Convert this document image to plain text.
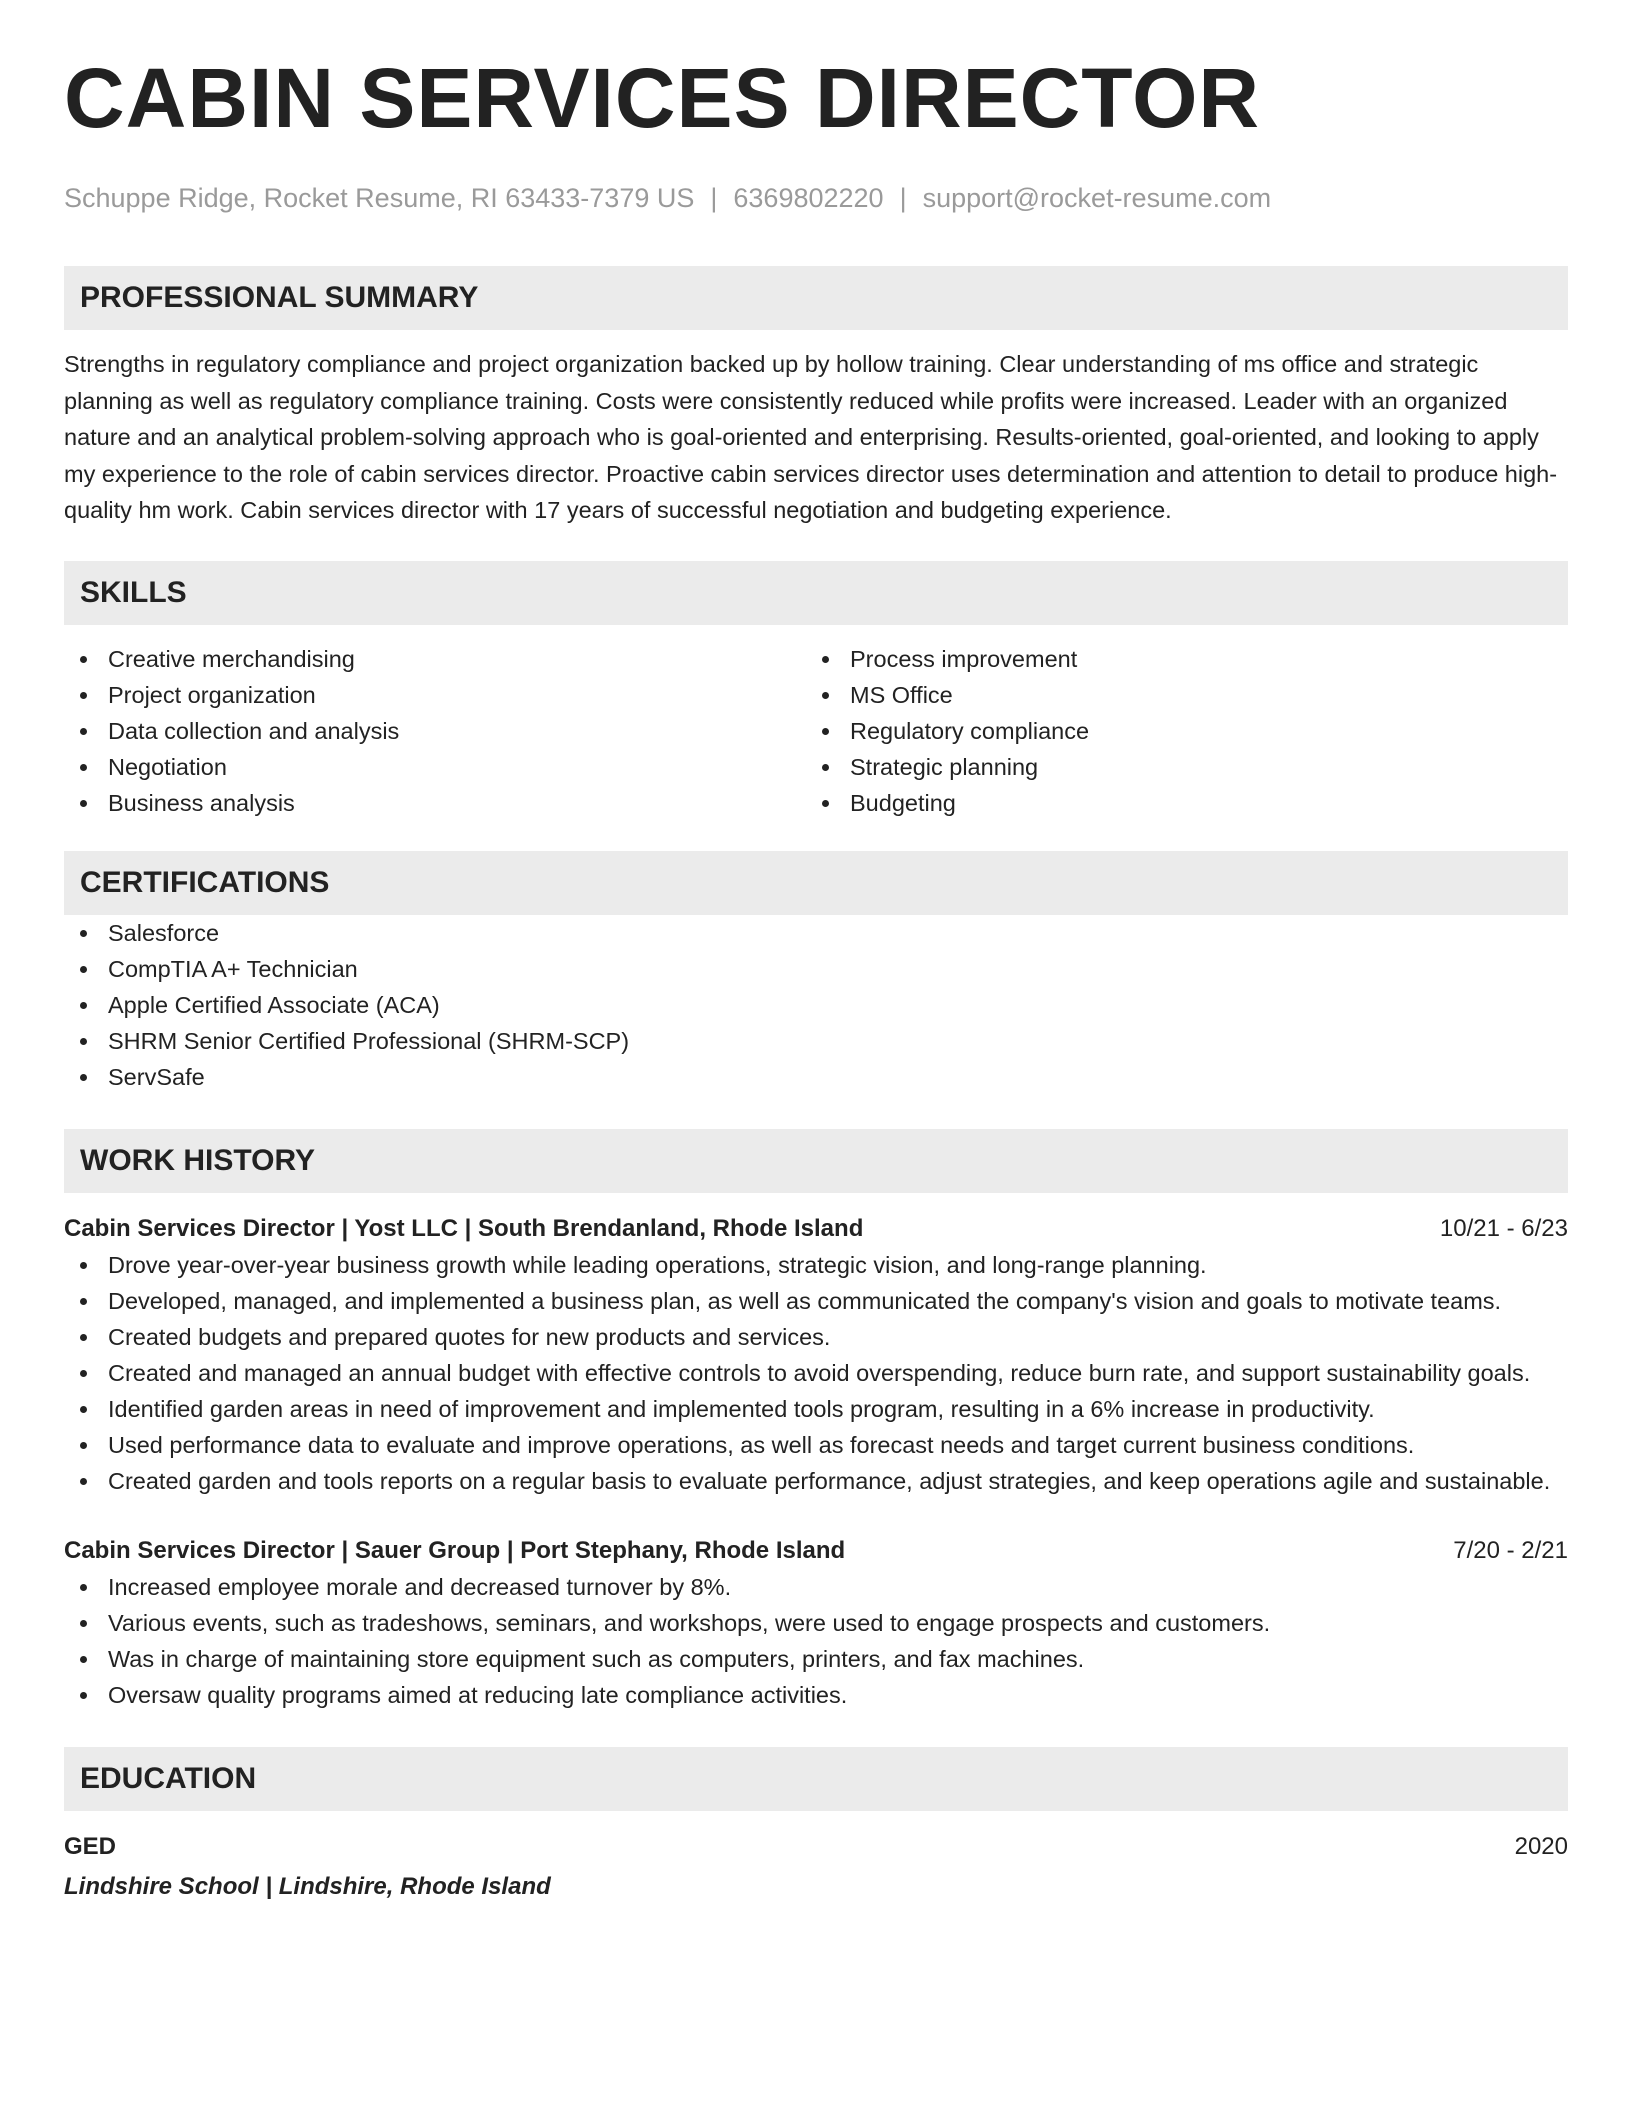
CABIN SERVICES DIRECTOR
Schuppe Ridge, Rocket Resume, RI 63433-7379 US | 6369802220 | support@rocket-resume.com
PROFESSIONAL SUMMARY
Strengths in regulatory compliance and project organization backed up by hollow training. Clear understanding of ms office and strategic planning as well as regulatory compliance training. Costs were consistently reduced while profits were increased. Leader with an organized nature and an analytical problem-solving approach who is goal-oriented and enterprising. Results-oriented, goal-oriented, and looking to apply my experience to the role of cabin services director. Proactive cabin services director uses determination and attention to detail to produce high-quality hm work. Cabin services director with 17 years of successful negotiation and budgeting experience.
SKILLS
Creative merchandising
Project organization
Data collection and analysis
Negotiation
Business analysis
Process improvement
MS Office
Regulatory compliance
Strategic planning
Budgeting
CERTIFICATIONS
Salesforce
CompTIA A+ Technician
Apple Certified Associate (ACA)
SHRM Senior Certified Professional (SHRM-SCP)
ServSafe
WORK HISTORY
Cabin Services Director | Yost LLC | South Brendanland, Rhode Island	10/21 - 6/23
Drove year-over-year business growth while leading operations, strategic vision, and long-range planning.
Developed, managed, and implemented a business plan, as well as communicated the company's vision and goals to motivate teams.
Created budgets and prepared quotes for new products and services.
Created and managed an annual budget with effective controls to avoid overspending, reduce burn rate, and support sustainability goals.
Identified garden areas in need of improvement and implemented tools program, resulting in a 6% increase in productivity.
Used performance data to evaluate and improve operations, as well as forecast needs and target current business conditions.
Created garden and tools reports on a regular basis to evaluate performance, adjust strategies, and keep operations agile and sustainable.
Cabin Services Director | Sauer Group | Port Stephany, Rhode Island	7/20 - 2/21
Increased employee morale and decreased turnover by 8%.
Various events, such as tradeshows, seminars, and workshops, were used to engage prospects and customers.
Was in charge of maintaining store equipment such as computers, printers, and fax machines.
Oversaw quality programs aimed at reducing late compliance activities.
EDUCATION
GED	2020
Lindshire School | Lindshire, Rhode Island
